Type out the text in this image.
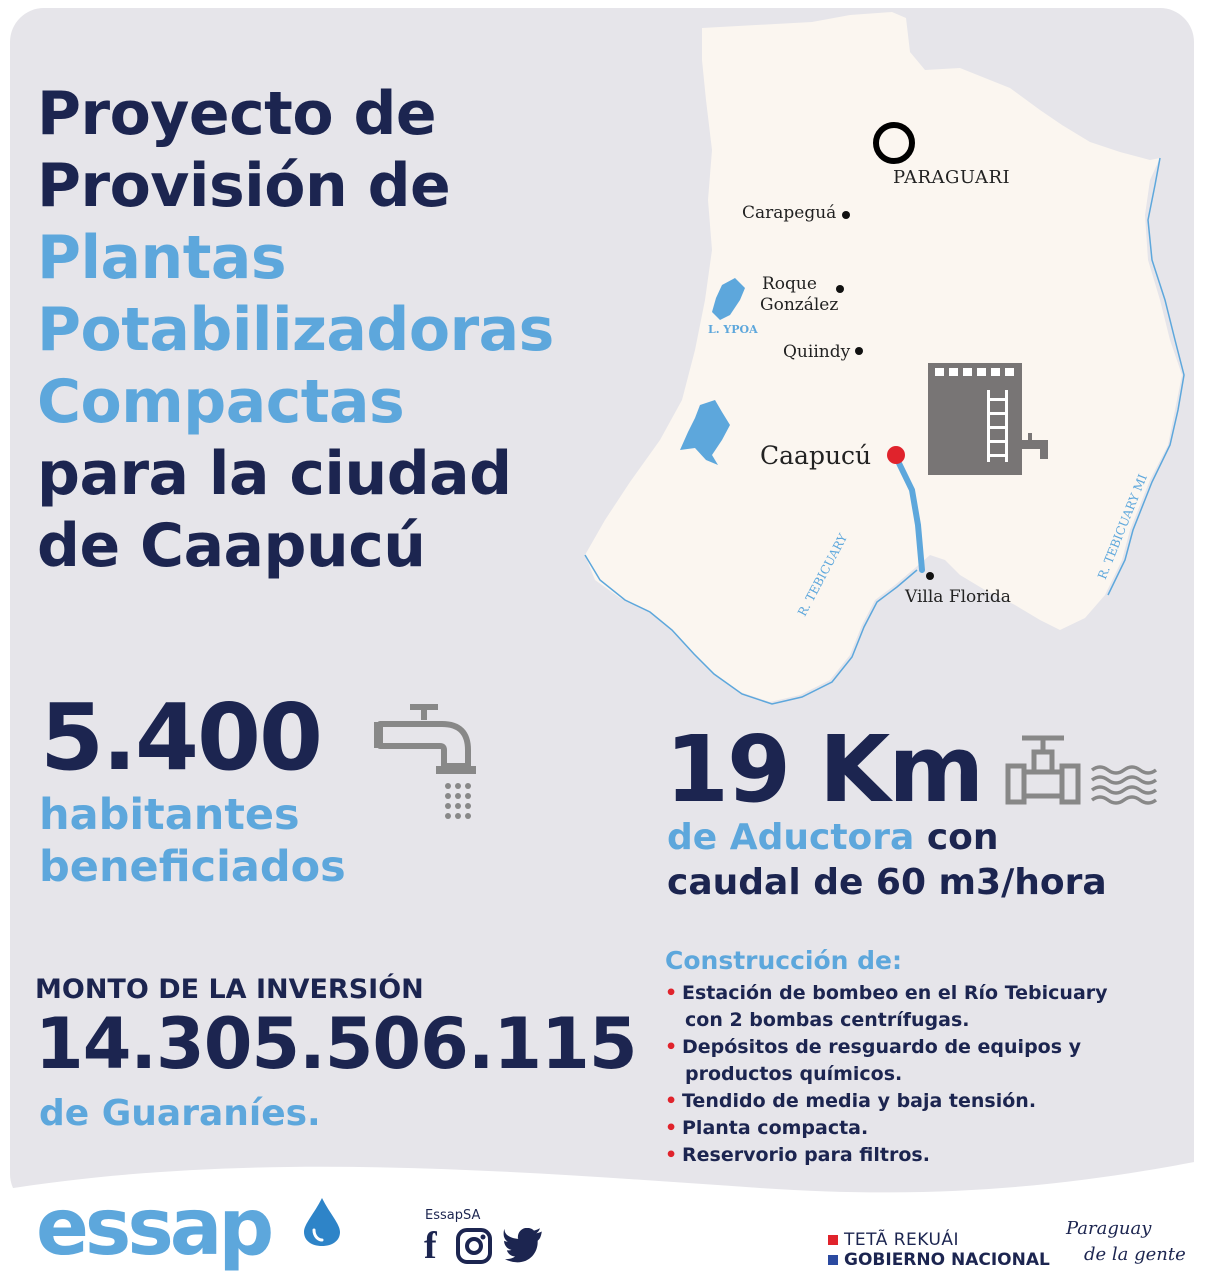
Proyecto de
Provisión de
Plantas
Potabilizadoras
Compactas
para la ciudad
de Caapucú
PARAGUARI
Carapeguá
Roque
González
Quiindy
Caapucú
Villa Florida
L. YPOA
R. TEBICUARY	R. TEBICUARY MI
5.400
habitantes
beneficiados
19 Km
de Aductora con
caudal de 60 m3/hora
MONTO DE LA INVERSIÓN
14.305.506.115
de Guaraníes.
Construcción de:
• Estación de bombeo en el Río Tebicuary
con 2 bombas centrífugas.
• Depósitos de resguardo de equipos y
productos químicos.
• Tendido de media y baja tensión.
• Planta compacta.
• Reservorio para filtros.
essap	EssapSA
f	TETÃ REKUÁI
GOBIERNO NACIONAL
Paraguay
de la gente
